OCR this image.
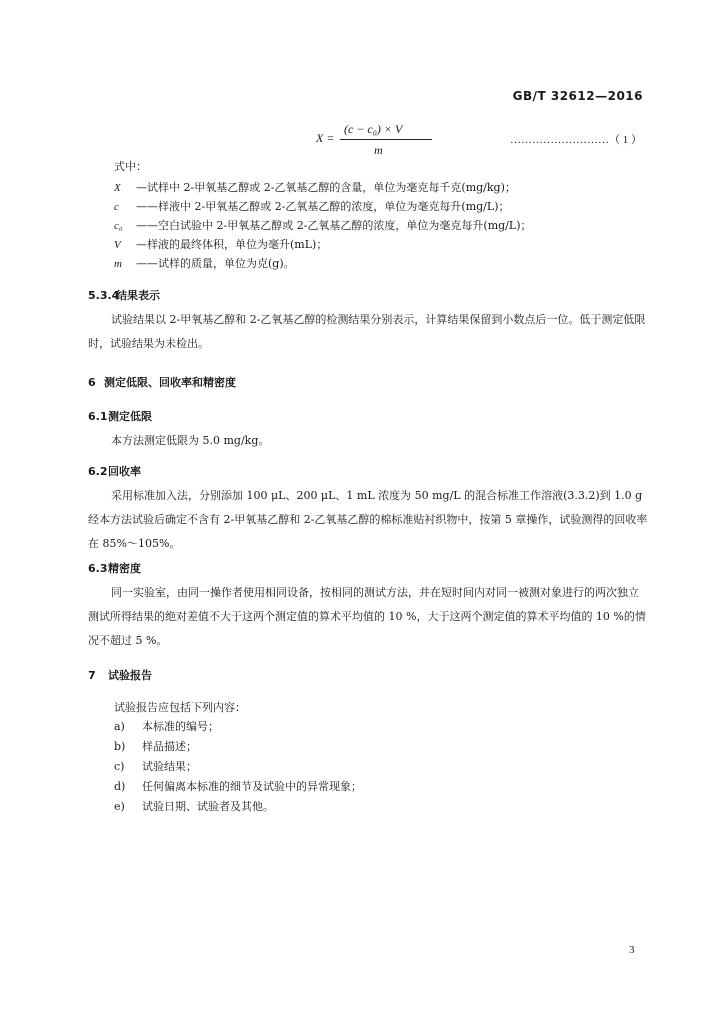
GB/T 32612—2016
X =
(c − c₀) × V
m
………………………（ 1 ）
式中：
X —试样中 2-甲氧基乙醇或 2-乙氧基乙醇的含量，单位为毫克每千克(mg/kg)；
c ——样液中 2-甲氧基乙醇或 2-乙氧基乙醇的浓度，单位为毫克每升(mg/L)；
c₀ ——空白试验中 2-甲氧基乙醇或 2-乙氧基乙醇的浓度，单位为毫克每升(mg/L)；
V —样液的最终体积，单位为毫升(mL)；
m ——试样的质量，单位为克(g)。
5.3.4结果表示
试验结果以 2-甲氧基乙醇和 2-乙氧基乙醇的检测结果分别表示，计算结果保留到小数点后一位。低于测定低限时，试验结果为未检出。
6 测定低限、回收率和精密度
6.1测定低限
本方法测定低限为 5.0 mg/kg。
6.2回收率
采用标准加入法，分别添加 100 μL、200 μL、1 mL 浓度为 50 mg/L 的混合标准工作溶液(3.3.2)到 1.0 g 经本方法试验后确定不含有 2-甲氧基乙醇和 2-乙氧基乙醇的棉标准贴衬织物中，按第 5 章操作，试验测得的回收率在 85%～105%。
6.3精密度
同一实验室，由同一操作者使用相同设备，按相同的测试方法，并在短时间内对同一被测对象进行的两次独立测试所得结果的绝对差值不大于这两个测定值的算术平均值的 10 %，大于这两个测定值的算术平均值的 10 %的情况不超过 5 %。
7 试验报告
试验报告应包括下列内容：
a) 本标准的编号；
b) 样品描述；
c) 试验结果；
d) 任何偏离本标准的细节及试验中的异常现象；
e) 试验日期、试验者及其他。
3
